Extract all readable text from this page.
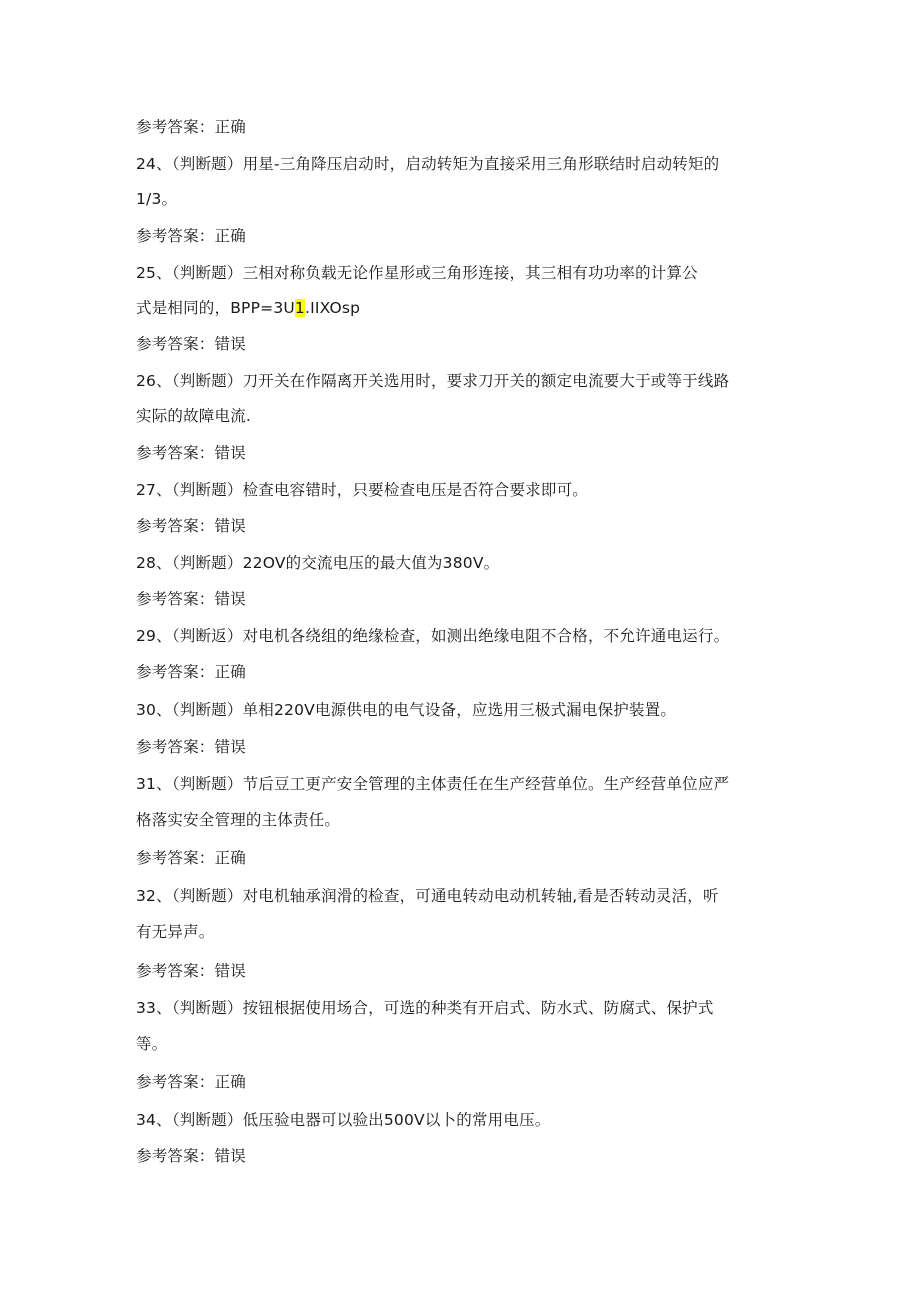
参考答案：正确
24、（判断题）用星-三角降压启动时，启动转矩为直接采用三角形联结时启动转矩的
1/3。
参考答案：正确
25、（判断题）三相对称负载无论作星形或三角形连接，其三相有功功率的计算公
式是相同的，BPP=3U1.IIXOsp
参考答案：错误
26、（判断题）刀开关在作隔离开关选用时，要求刀开关的额定电流要大于或等于线路
实际的故障电流.
参考答案：错误
27、（判断题）检查电容错时，只要检查电压是否符合要求即可。
参考答案：错误
28、（判断题）22OV的交流电压的最大值为380V。
参考答案：错误
29、（判断返）对电机各绕组的绝缘检查，如测出绝缘电阻不合格，不允许通电运行。
参考答案：正确
30、（判断题）单相220V电源供电的电气设备，应选用三极式漏电保护装置。
参考答案：错误
31、（判断题）节后豆工更产安全管理的主体责任在生产经营单位。生产经营单位应严
格落实安全管理的主体责任。
参考答案：正确
32、（判断题）对电机轴承润滑的检查，可通电转动电动机转轴,看是否转动灵活，听
有无异声。
参考答案：错误
33、（判断题）按钮根据使用场合，可选的种类有开启式、防水式、防腐式、保护式
等。
参考答案：正确
34、（判断题）低压验电器可以验出500V以卜的常用电压。
参考答案：错误
